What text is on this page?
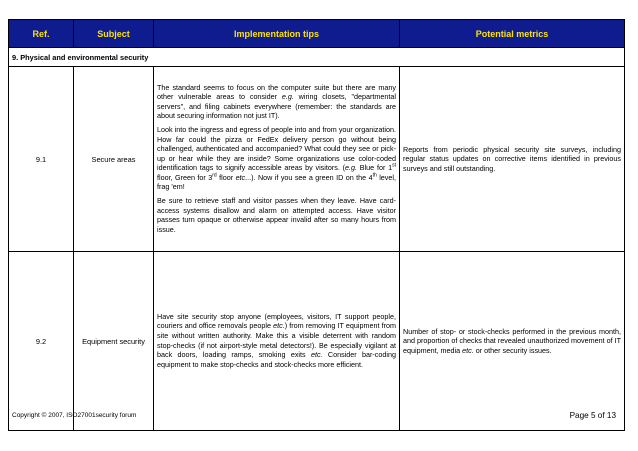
Ref.	Subject	Implementation tips	Potential metrics
9. Physical and environmental security			
9.1	Secure areas	The standard seems to focus on the computer suite but there are many other vulnerable areas to consider e.g. wiring closets, "departmental servers", and filing cabinets everywhere (remember: the standards are about securing information not just IT).

Look into the ingress and egress of people into and from your organization. How far could the pizza or FedEx delivery person go without being challenged, authenticated and accompanied? What could they see or pick-up or hear while they are inside? Some organizations use color-coded identification tags to signify accessible areas by visitors. (e.g. Blue for 1st floor, Green for 3rd floor etc...). Now if you see a green ID on the 4th level, frag 'em!

Be sure to retrieve staff and visitor passes when they leave. Have card-access systems disallow and alarm on attempted access. Have visitor passes turn opaque or otherwise appear invalid after so many hours from issue.	Reports from periodic physical security site surveys, including regular status updates on corrective items identified in previous surveys and still outstanding.
9.2	Equipment security	Have site security stop anyone (employees, visitors, IT support people, couriers and office removals people etc.) from removing IT equipment from site without written authority. Make this a visible deterrent with random stop-checks (if not airport-style metal detectors!). Be especially vigilant at back doors, loading ramps, smoking exits etc. Consider bar-coding equipment to make stop-checks and stock-checks more efficient.	Number of stop- or stock-checks performed in the previous month, and proportion of checks that revealed unauthorized movement of IT equipment, media etc. or other security issues.
Copyright © 2007, ISO27001security forum	Page 5 of 13
